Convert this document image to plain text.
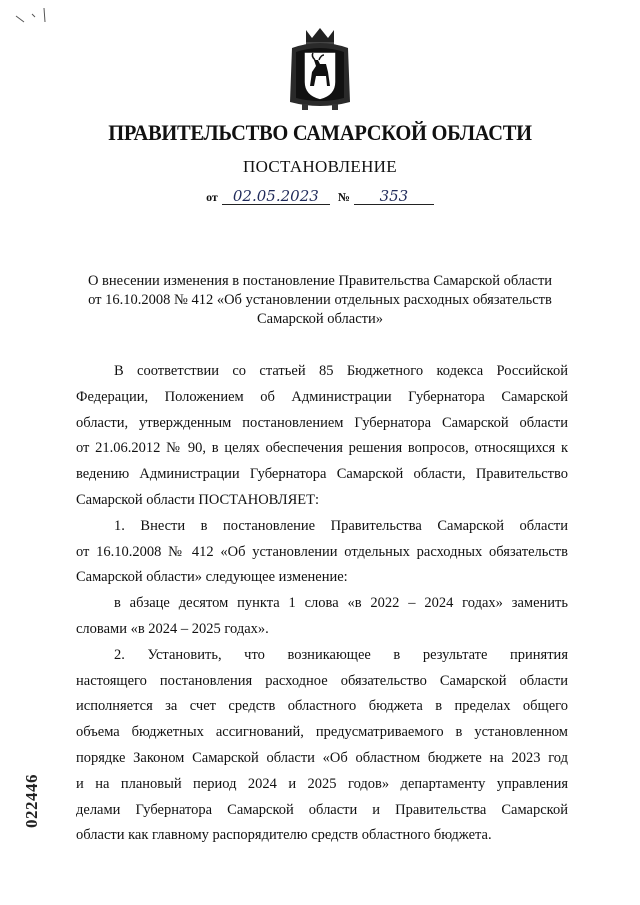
ПРАВИТЕЛЬСТВО САМАРСКОЙ ОБЛАСТИ
ПОСТАНОВЛЕНИЕ
от 02.05.2023 № 353
О внесении изменения в постановление Правительства Самарской области
от 16.10.2008 № 412 «Об установлении отдельных расходных обязательств
Самарской области»
В соответствии со статьей 85 Бюджетного кодекса Российской
Федерации, Положением об Администрации Губернатора Самарской
области, утвержденным постановлением Губернатора Самарской области
от 21.06.2012 № 90, в целях обеспечения решения вопросов, относящихся к
ведению Администрации Губернатора Самарской области, Правительство
Самарской области ПОСТАНОВЛЯЕТ:
1. Внести в постановление Правительства Самарской области
от 16.10.2008 № 412 «Об установлении отдельных расходных обязательств
Самарской области» следующее изменение:
в абзаце десятом пункта 1 слова «в 2022 – 2024 годах» заменить
словами «в 2024 – 2025 годах».
2. Установить, что возникающее в результате принятия
настоящего постановления расходное обязательство Самарской области
исполняется за счет средств областного бюджета в пределах общего
объема бюджетных ассигнований, предусматриваемого в установленном
порядке Законом Самарской области «Об областном бюджете на 2023 год
и на плановый период 2024 и 2025 годов» департаменту управления
делами Губернатора Самарской области и Правительства Самарской
области как главному распорядителю средств областного бюджета.
022446
